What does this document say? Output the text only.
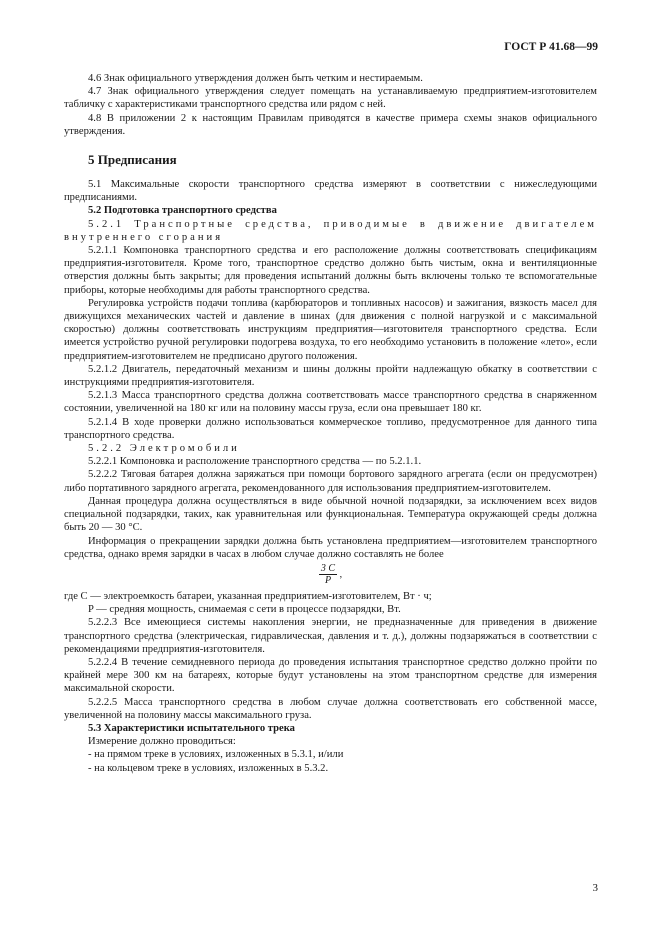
ГОСТ Р 41.68—99

4.6 Знак официального утверждения должен быть четким и нестираемым.

4.7 Знак официального утверждения следует помещать на устанавливаемую предприятием-изготовителем табличку с характеристиками транспортного средства или рядом с ней.

4.8 В приложении 2 к настоящим Правилам приводятся в качестве примера схемы знаков официального утверждения.

5 Предписания

5.1 Максимальные скорости транспортного средства измеряют в соответствии с нижеследующими предписаниями.

5.2 Подготовка транспортного средства

5.2.1 Транспортные средства, приводимые в движение двигателем внутреннего сгорания

5.2.1.1 Компоновка транспортного средства и его расположение должны соответствовать спецификациям предприятия-изготовителя. Кроме того, транспортное средство должно быть чистым, окна и вентиляционные отверстия должны быть закрыты; для проведения испытаний должны быть включены только те вспомогательные приборы, которые необходимы для работы транспортного средства.

Регулировка устройств подачи топлива (карбюраторов и топливных насосов) и зажигания, вязкость масел для движущихся механических частей и давление в шинах (для движения с полной нагрузкой и с максимальной скоростью) должны соответствовать инструкциям предприятия—изготовителя транспортного средства. Если имеется устройство ручной регулировки подогрева воздуха, то его необходимо установить в положение «лето», если предприятием-изготовителем не предписано другого положения.

5.2.1.2 Двигатель, передаточный механизм и шины должны пройти надлежащую обкатку в соответствии с инструкциями предприятия-изготовителя.

5.2.1.3 Масса транспортного средства должна соответствовать массе транспортного средства в снаряженном состоянии, увеличенной на 180 кг или на половину массы груза, если она превышает 180 кг.

5.2.1.4 В ходе проверки должно использоваться коммерческое топливо, предусмотренное для данного типа транспортного средства.

5.2.2 Электромобили

5.2.2.1 Компоновка и расположение транспортного средства — по 5.2.1.1.

5.2.2.2 Тяговая батарея должна заряжаться при помощи бортового зарядного агрегата (если он предусмотрен) либо портативного зарядного агрегата, рекомендованного для использования предприятием-изготовителем.

Данная процедура должна осуществляться в виде обычной ночной подзарядки, за исключением всех видов специальной подзарядки, таких, как уравнительная или функциональная. Температура окружающей среды должна быть 20 — 30 °С.

Информация о прекращении зарядки должна быть установлена предприятием—изготовителем транспортного средства, однако время зарядки в часах в любом случае должно составлять не более

$\frac{3 C}{P}$ ,

где C — электроемкость батареи, указанная предприятием-изготовителем, Вт · ч;

P — средняя мощность, снимаемая с сети в процессе подзарядки, Вт.

5.2.2.3 Все имеющиеся системы накопления энергии, не предназначенные для приведения в движение транспортного средства (электрическая, гидравлическая, давления и т. д.), должны подзаряжаться в соответствии с рекомендациями предприятия-изготовителя.

5.2.2.4 В течение семидневного периода до проведения испытания транспортное средство должно пройти по крайней мере 300 км на батареях, которые будут установлены на этом транспортном средстве для измерения максимальной скорости.

5.2.2.5 Масса транспортного средства в любом случае должна соответствовать его собственной массе, увеличенной на половину массы максимального груза.

5.3 Характеристики испытательного трека

Измерение должно проводиться:

- на прямом треке в условиях, изложенных в 5.3.1, и/или

- на кольцевом треке в условиях, изложенных в 5.3.2.

3
